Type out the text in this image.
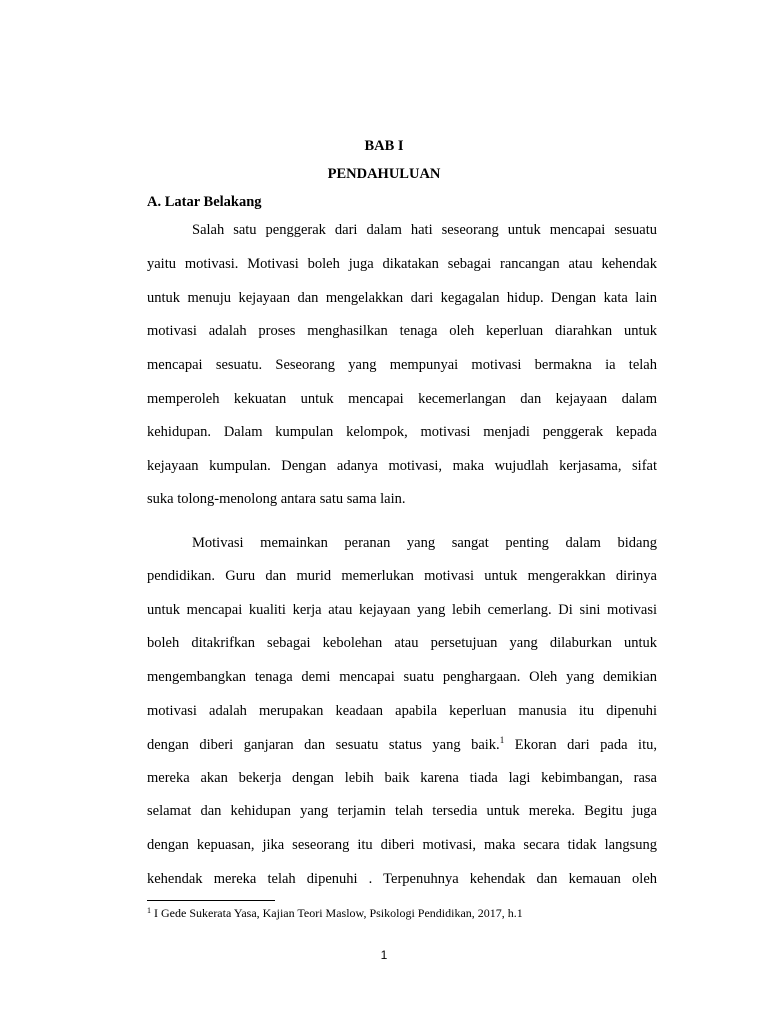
BAB I
PENDAHULUAN
A. Latar Belakang
Salah satu penggerak dari dalam hati seseorang untuk mencapai sesuatu
yaitu motivasi. Motivasi boleh juga dikatakan sebagai rancangan atau kehendak
untuk menuju kejayaan dan mengelakkan dari kegagalan hidup. Dengan kata lain
motivasi adalah proses menghasilkan tenaga oleh keperluan diarahkan untuk
mencapai sesuatu. Seseorang yang mempunyai motivasi bermakna ia telah
memperoleh kekuatan untuk mencapai kecemerlangan dan kejayaan dalam
kehidupan. Dalam kumpulan kelompok, motivasi menjadi penggerak kepada
kejayaan kumpulan. Dengan adanya motivasi, maka wujudlah kerjasama, sifat
suka tolong-menolong antara satu sama lain.
Motivasi memainkan peranan yang sangat penting dalam bidang
pendidikan. Guru dan murid memerlukan motivasi untuk mengerakkan dirinya
untuk mencapai kualiti kerja atau kejayaan yang lebih cemerlang. Di sini motivasi
boleh ditakrifkan sebagai kebolehan atau persetujuan yang dilaburkan untuk
mengembangkan tenaga demi mencapai suatu penghargaan. Oleh yang demikian
motivasi adalah merupakan keadaan apabila keperluan manusia itu dipenuhi
dengan diberi ganjaran dan sesuatu status yang baik.$^1$ Ekoran dari pada itu,
mereka akan bekerja dengan lebih baik karena tiada lagi kebimbangan, rasa
selamat dan kehidupan yang terjamin telah tersedia untuk mereka. Begitu juga
dengan kepuasan, jika seseorang itu diberi motivasi, maka secara tidak langsung
kehendak mereka telah dipenuhi . Terpenuhnya kehendak dan kemauan oleh
$^1$ I Gede Sukerata Yasa, Kajian Teori Maslow, Psikologi Pendidikan, 2017, h.1
1
